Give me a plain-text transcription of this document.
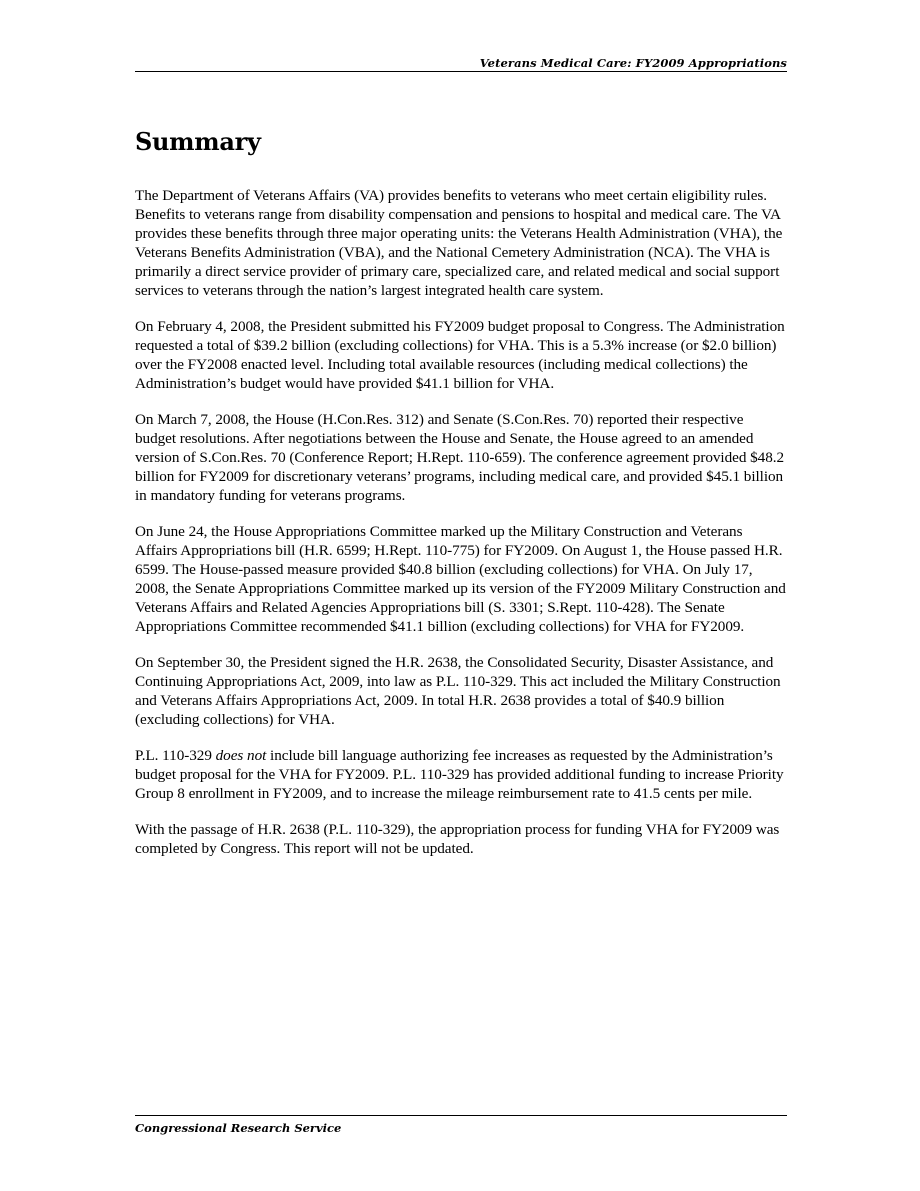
Veterans Medical Care: FY2009 Appropriations
Summary

The Department of Veterans Affairs (VA) provides benefits to veterans who meet certain eligibility rules. Benefits to veterans range from disability compensation and pensions to hospital and medical care. The VA provides these benefits through three major operating units: the Veterans Health Administration (VHA), the Veterans Benefits Administration (VBA), and the National Cemetery Administration (NCA). The VHA is primarily a direct service provider of primary care, specialized care, and related medical and social support services to veterans through the nation’s largest integrated health care system.

On February 4, 2008, the President submitted his FY2009 budget proposal to Congress. The Administration requested a total of $39.2 billion (excluding collections) for VHA. This is a 5.3% increase (or $2.0 billion) over the FY2008 enacted level. Including total available resources (including medical collections) the Administration’s budget would have provided $41.1 billion for VHA.

On March 7, 2008, the House (H.Con.Res. 312) and Senate (S.Con.Res. 70) reported their respective budget resolutions. After negotiations between the House and Senate, the House agreed to an amended version of S.Con.Res. 70 (Conference Report; H.Rept. 110-659). The conference agreement provided $48.2 billion for FY2009 for discretionary veterans’ programs, including medical care, and provided $45.1 billion in mandatory funding for veterans programs.

On June 24, the House Appropriations Committee marked up the Military Construction and Veterans Affairs Appropriations bill (H.R. 6599; H.Rept. 110-775) for FY2009. On August 1, the House passed H.R. 6599. The House-passed measure provided $40.8 billion (excluding collections) for VHA. On July 17, 2008, the Senate Appropriations Committee marked up its version of the FY2009 Military Construction and Veterans Affairs and Related Agencies Appropriations bill (S. 3301; S.Rept. 110-428). The Senate Appropriations Committee recommended $41.1 billion (excluding collections) for VHA for FY2009.

On September 30, the President signed the H.R. 2638, the Consolidated Security, Disaster Assistance, and Continuing Appropriations Act, 2009, into law as P.L. 110-329. This act included the Military Construction and Veterans Affairs Appropriations Act, 2009. In total H.R. 2638 provides a total of $40.9 billion (excluding collections) for VHA.

P.L. 110-329 does not include bill language authorizing fee increases as requested by the Administration’s budget proposal for the VHA for FY2009. P.L. 110-329 has provided additional funding to increase Priority Group 8 enrollment in FY2009, and to increase the mileage reimbursement rate to 41.5 cents per mile.

With the passage of H.R. 2638 (P.L. 110-329), the appropriation process for funding VHA for FY2009 was completed by Congress. This report will not be updated.

Congressional Research Service
